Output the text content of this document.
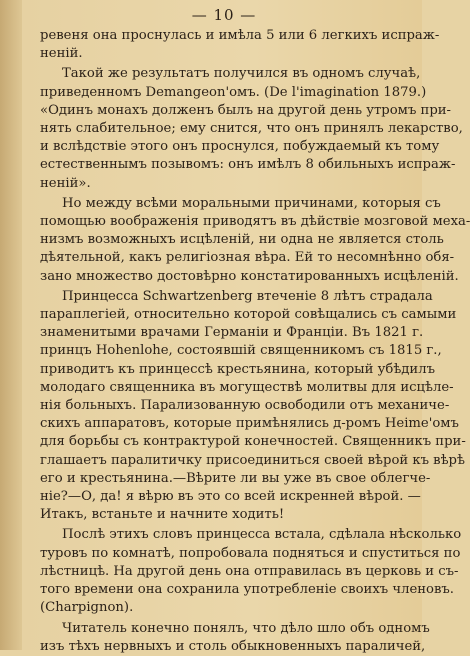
— 10 —
ревеня она проснулась и имѣла 5 или 6 легкихъ испраж-
неній.
Такой же результатъ получился въ одномъ случаѣ,
приведенномъ Demangeon'омъ. (De l'imagination 1879.)
«Одинъ монахъ долженъ былъ на другой день утромъ при-
нять слабительное; ему снится, что онъ принялъ лекарство,
и вслѣдствіе этого онъ проснулся, побуждаемый къ тому
естественнымъ позывомъ: онъ имѣлъ 8 обильныхъ испраж-
неній».
Но между всѣми моральными причинами, которыя съ
помощью воображенія приводятъ въ дѣйствіе мозговой меха-
низмъ возможныхъ исцѣленій, ни одна не является столь
дѣятельной, какъ религіозная вѣра. Ей то несомнѣнно обя-
зано множество достовѣрно констатированныхъ исцѣленій.
Принцесса Schwartzenberg втеченіе 8 лѣтъ страдала
параплегіей, относительно которой совѣщались съ самыми
знаменитыми врачами Германіи и Франціи. Въ 1821 г.
принцъ Hohenlohe, состоявшій священникомъ съ 1815 г.,
приводитъ къ принцессѣ крестьянина, который убѣдилъ
молодаго священника въ могуществѣ молитвы для исцѣле-
нія больныхъ. Парализованную освободили отъ механиче-
скихъ аппаратовъ, которые примѣнялись д-ромъ Heime'омъ
для борьбы съ контрактурой конечностей. Священникъ при-
глашаетъ паралитичку присоединиться своей вѣрой къ вѣрѣ
его и крестьянина.—Вѣрите ли вы уже въ свое облегче-
ніе?—О, да! я вѣрю въ это со всей искренней вѣрой. —
Итакъ, встаньте и начните ходить!
Послѣ этихъ словъ принцесса встала, сдѣлала нѣсколько
туровъ по комнатѣ, попробовала подняться и спуститься по
лѣстницѣ. На другой день она отправилась въ церковь и съ-
того времени она сохранила употребленіе своихъ членовъ.
(Charpignon).
Читатель конечно понялъ, что дѣло шло объ одномъ
изъ тѣхъ нервныхъ и столь обыкновенныхъ параличей,
